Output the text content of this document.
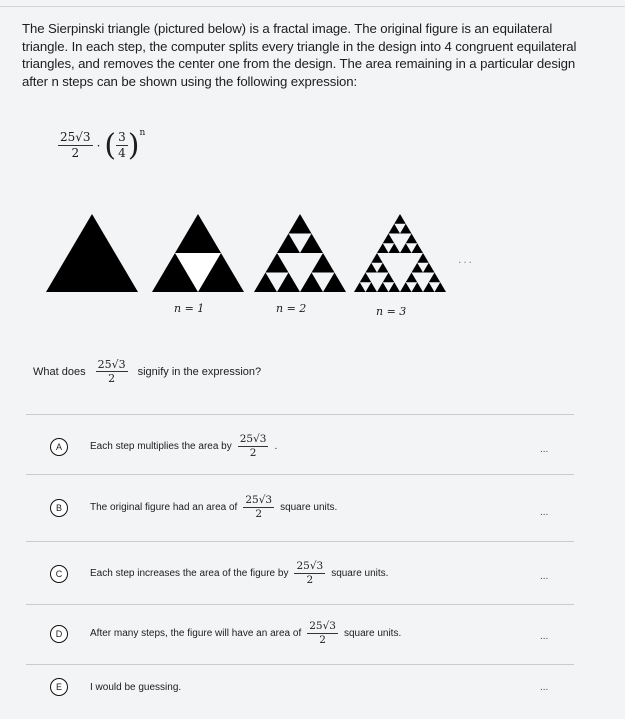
The Sierpinski triangle (pictured below) is a fractal image. The original figure is an equilateral triangle. In each step, the computer splits every triangle in the design into 4 congruent equilateral triangles, and removes the center one from the design. The area remaining in a particular design after n steps can be shown using the following expression:
$\frac{25√3}{2}$ · ( $\frac{3}{4}$ ) n
n = 1	n = 2	n = 3
...
What does $\frac{25√3}{2}$ signify in the expression?
A	Each step multiplies the area by $\frac{25√3}{2}$ .	...
B	The original figure had an area of $\frac{25√3}{2}$ square units.	...
C	Each step increases the area of the figure by $\frac{25√3}{2}$ square units.	...
D	After many steps, the figure will have an area of $\frac{25√3}{2}$ square units.	...
E	I would be guessing.	...
